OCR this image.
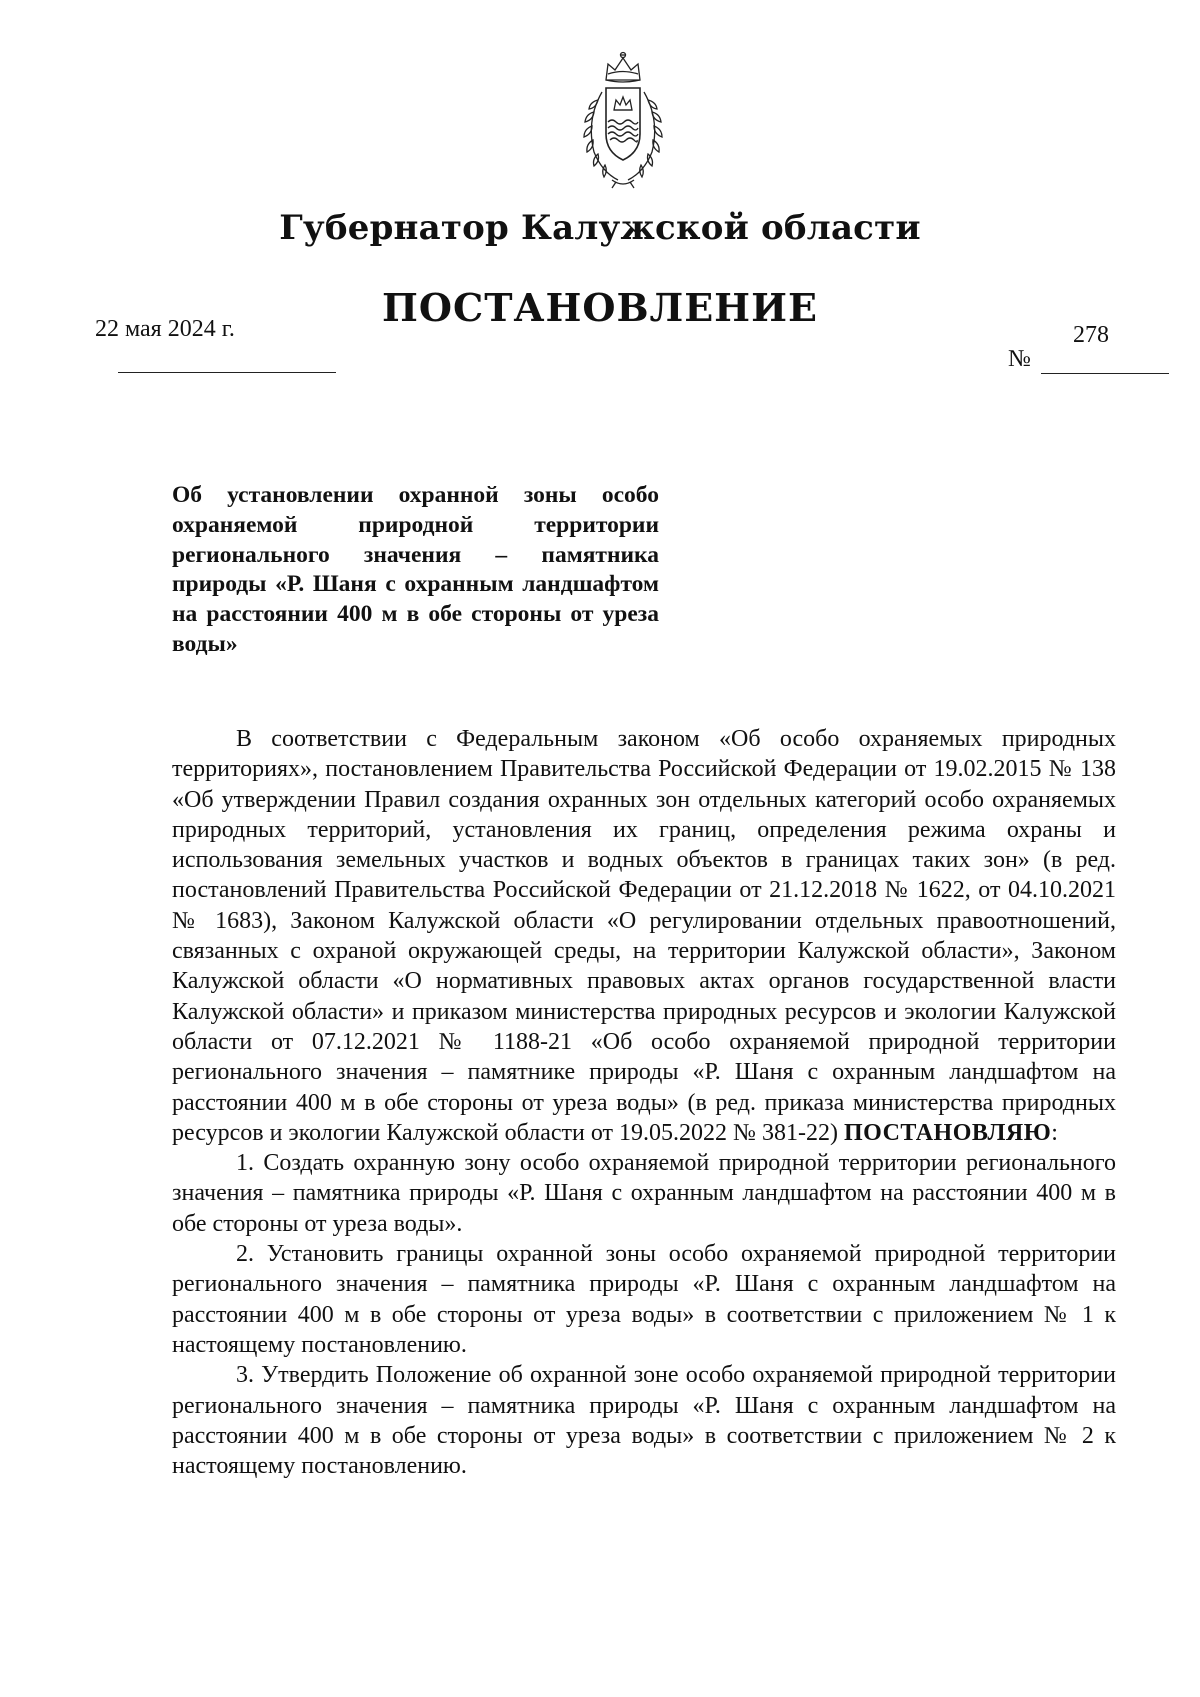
Губернатор Калужской области
ПОСТАНОВЛЕНИЕ
22 мая 2024 г.
№
278
Об установлении охранной зоны особо охраняемой природной территории регионального значения – памятника природы «Р. Шаня с охранным ландшафтом на расстоянии 400 м в обе стороны от уреза воды»

В соответствии с Федеральным законом «Об особо охраняемых природных территориях», постановлением Правительства Российской Федерации от 19.02.2015 № 138 «Об утверждении Правил создания охранных зон отдельных категорий особо охраняемых природных территорий, установления их границ, определения режима охраны и использования земельных участков и водных объектов в границах таких зон» (в ред. постановлений Правительства Российской Федерации от 21.12.2018 № 1622, от 04.10.2021 № 1683), Законом Калужской области «О регулировании отдельных правоотношений, связанных с охраной окружающей среды, на территории Калужской области», Законом Калужской области «О нормативных правовых актах органов государственной власти Калужской области» и приказом министерства природных ресурсов и экологии Калужской области от 07.12.2021 № 1188-21 «Об особо охраняемой природной территории регионального значения – памятнике природы «Р. Шаня с охранным ландшафтом на расстоянии 400 м в обе стороны от уреза воды» (в ред. приказа министерства природных ресурсов и экологии Калужской области от 19.05.2022 № 381-22) ПОСТАНОВЛЯЮ:

1. Создать охранную зону особо охраняемой природной территории регионального значения – памятника природы «Р. Шаня с охранным ландшафтом на расстоянии 400 м в обе стороны от уреза воды».

2. Установить границы охранной зоны особо охраняемой природной территории регионального значения – памятника природы «Р. Шаня с охранным ландшафтом на расстоянии 400 м в обе стороны от уреза воды» в соответствии с приложением № 1 к настоящему постановлению.

3. Утвердить Положение об охранной зоне особо охраняемой природной территории регионального значения – памятника природы «Р. Шаня с охранным ландшафтом на расстоянии 400 м в обе стороны от уреза воды» в соответствии с приложением № 2 к настоящему постановлению.
